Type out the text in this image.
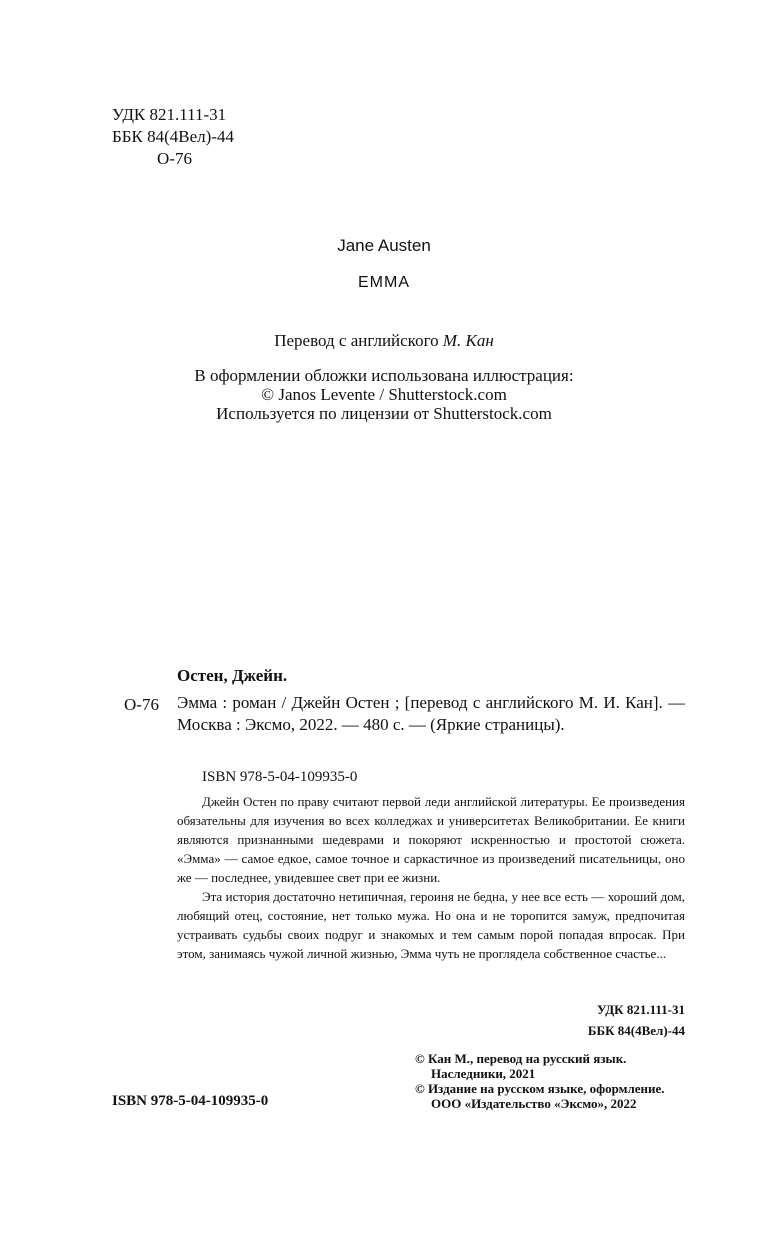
УДК 821.111-31
ББК 84(4Вел)-44
О-76
Jane Austen
EMMA
Перевод с английского М. Кан
В оформлении обложки использована иллюстрация:
© Janos Levente / Shutterstock.com
Используется по лицензии от Shutterstock.com
Остен, Джейн.
О-76 Эмма : роман / Джейн Остен ; [перевод с английского М. И. Кан]. — Москва : Эксмо, 2022. — 480 с. — (Яркие страницы).
ISBN 978-5-04-109935-0

Джейн Остен по праву считают первой леди английской литературы. Ее произведения обязательны для изучения во всех колледжах и университетах Великобритании. Ее книги являются признанными шедеврами и покоряют искренностью и простотой сюжета. «Эмма» — самое едкое, самое точное и саркастичное из произведений писательницы, оно же — последнее, увидевшее свет при ее жизни.

Эта история достаточно нетипичная, героиня не бедна, у нее все есть — хороший дом, любящий отец, состояние, нет только мужа. Но она и не торопится замуж, предпочитая устраивать судьбы своих подруг и знакомых и тем самым порой попадая впросак. При этом, занимаясь чужой личной жизнью, Эмма чуть не проглядела собственное счастье...

УДК 821.111-31
ББК 84(4Вел)-44
© Кан М., перевод на русский язык.
Наследники, 2021
© Издание на русском языке, оформление.
ООО «Издательство «Эксмо», 2022
ISBN 978-5-04-109935-0
